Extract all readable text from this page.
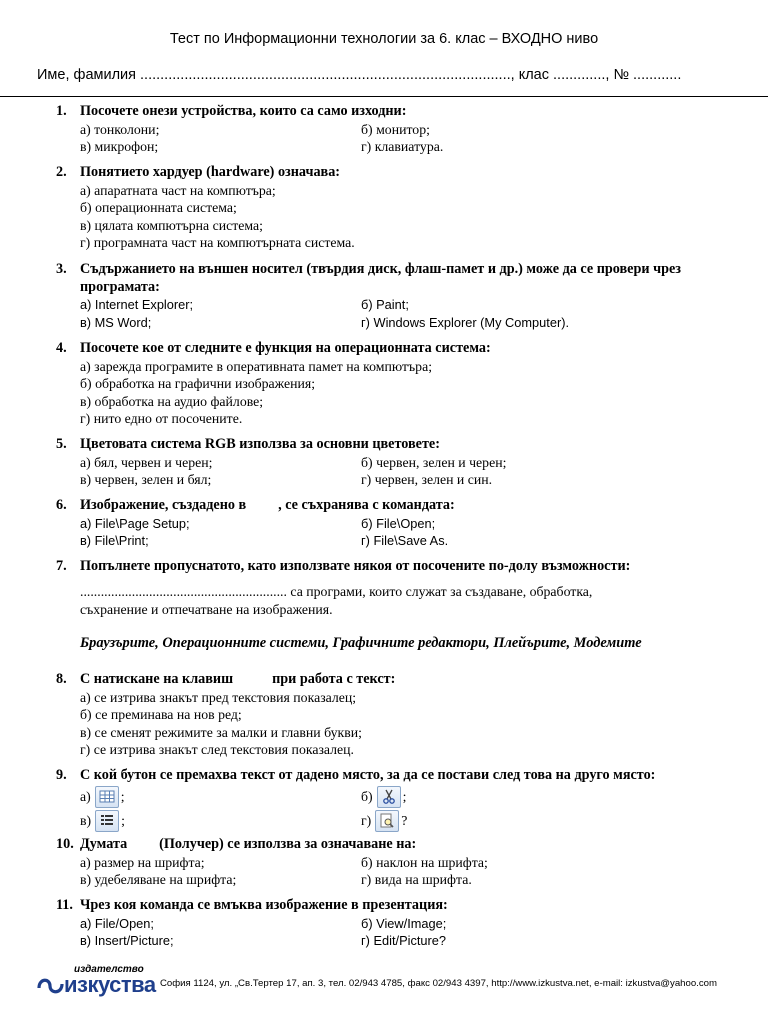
Тест по Информационни технологии за 6. клас – ВХОДНО ниво
Име, фамилия ............................................................................................, клас ............., № ............
1. Посочете онези устройства, които са само изходни:
а) тонколони;	б) монитор;
в) микрофон;	г) клавиатура.
2. Понятието хардуер (hardware) означава:
а) апаратната част на компютъра;
б) операционната система;
в) цялата компютърна система;
г) програмната част на компютърната система.
3. Съдържанието на външен носител (твърдия диск, флаш-памет и др.) може да се провери чрез програмата:
а) Internet Explorer;	б) Paint;
в) MS Word;	г) Windows Explorer (My Computer).
4. Посочете кое от следните е функция на операционната система:
а) зарежда програмите в оперативната памет на компютъра;
б) обработка на графични изображения;
в) обработка на аудио файлове;
г) нито едно от посочените.
5. Цветовата система RGB използва за основни цветовете:
а) бял, червен и черен;	б) червен, зелен и черен;
в) червен, зелен и бял;	г) червен, зелен и син.
6. Изображение, създадено в         , се съхранява с командата:
а) File\Page Setup;	б) File\Open;
в) File\Print;	г) File\Save As.
7. Попълнете пропуснатото, като използвате някоя от посочените по-долу възможности:
............................................................ са програми, които служат за създаване, обработка,
съхранение и отпечатване на изображения.
Браузърите, Операционните системи, Графичните редактори, Плейърите, Модемите
8. С натискане на клавиш           при работа с текст:
а) се изтрива знакът пред текстовия показалец;
б) се преминава на нов ред;
в) се сменят режимите за малки и главни букви;
г) се изтрива знакът след текстовия показалец.
9. С кой бутон се премахва текст от дадено място, за да се постави след това на друго място:
а) ;	б) ;
в) ;	г) ?
10. Думата         (Получер) се използва за означаване на:
а) размер на шрифта;	б) наклон на шрифта;
в) удебеляване на шрифта;	г) вида на шрифта.
11. Чрез коя команда се вмъква изображение в презентация:
а) File/Open;	б) View/Image;
в) Insert/Picture;	г) Edit/Picture?
издателство
изкуства София 1124, ул. „Св.Тертер 17, ап. 3, тел. 02/943 4785, факс 02/943 4397, http://www.izkustva.net, e-mail: izkustva@yahoo.com
